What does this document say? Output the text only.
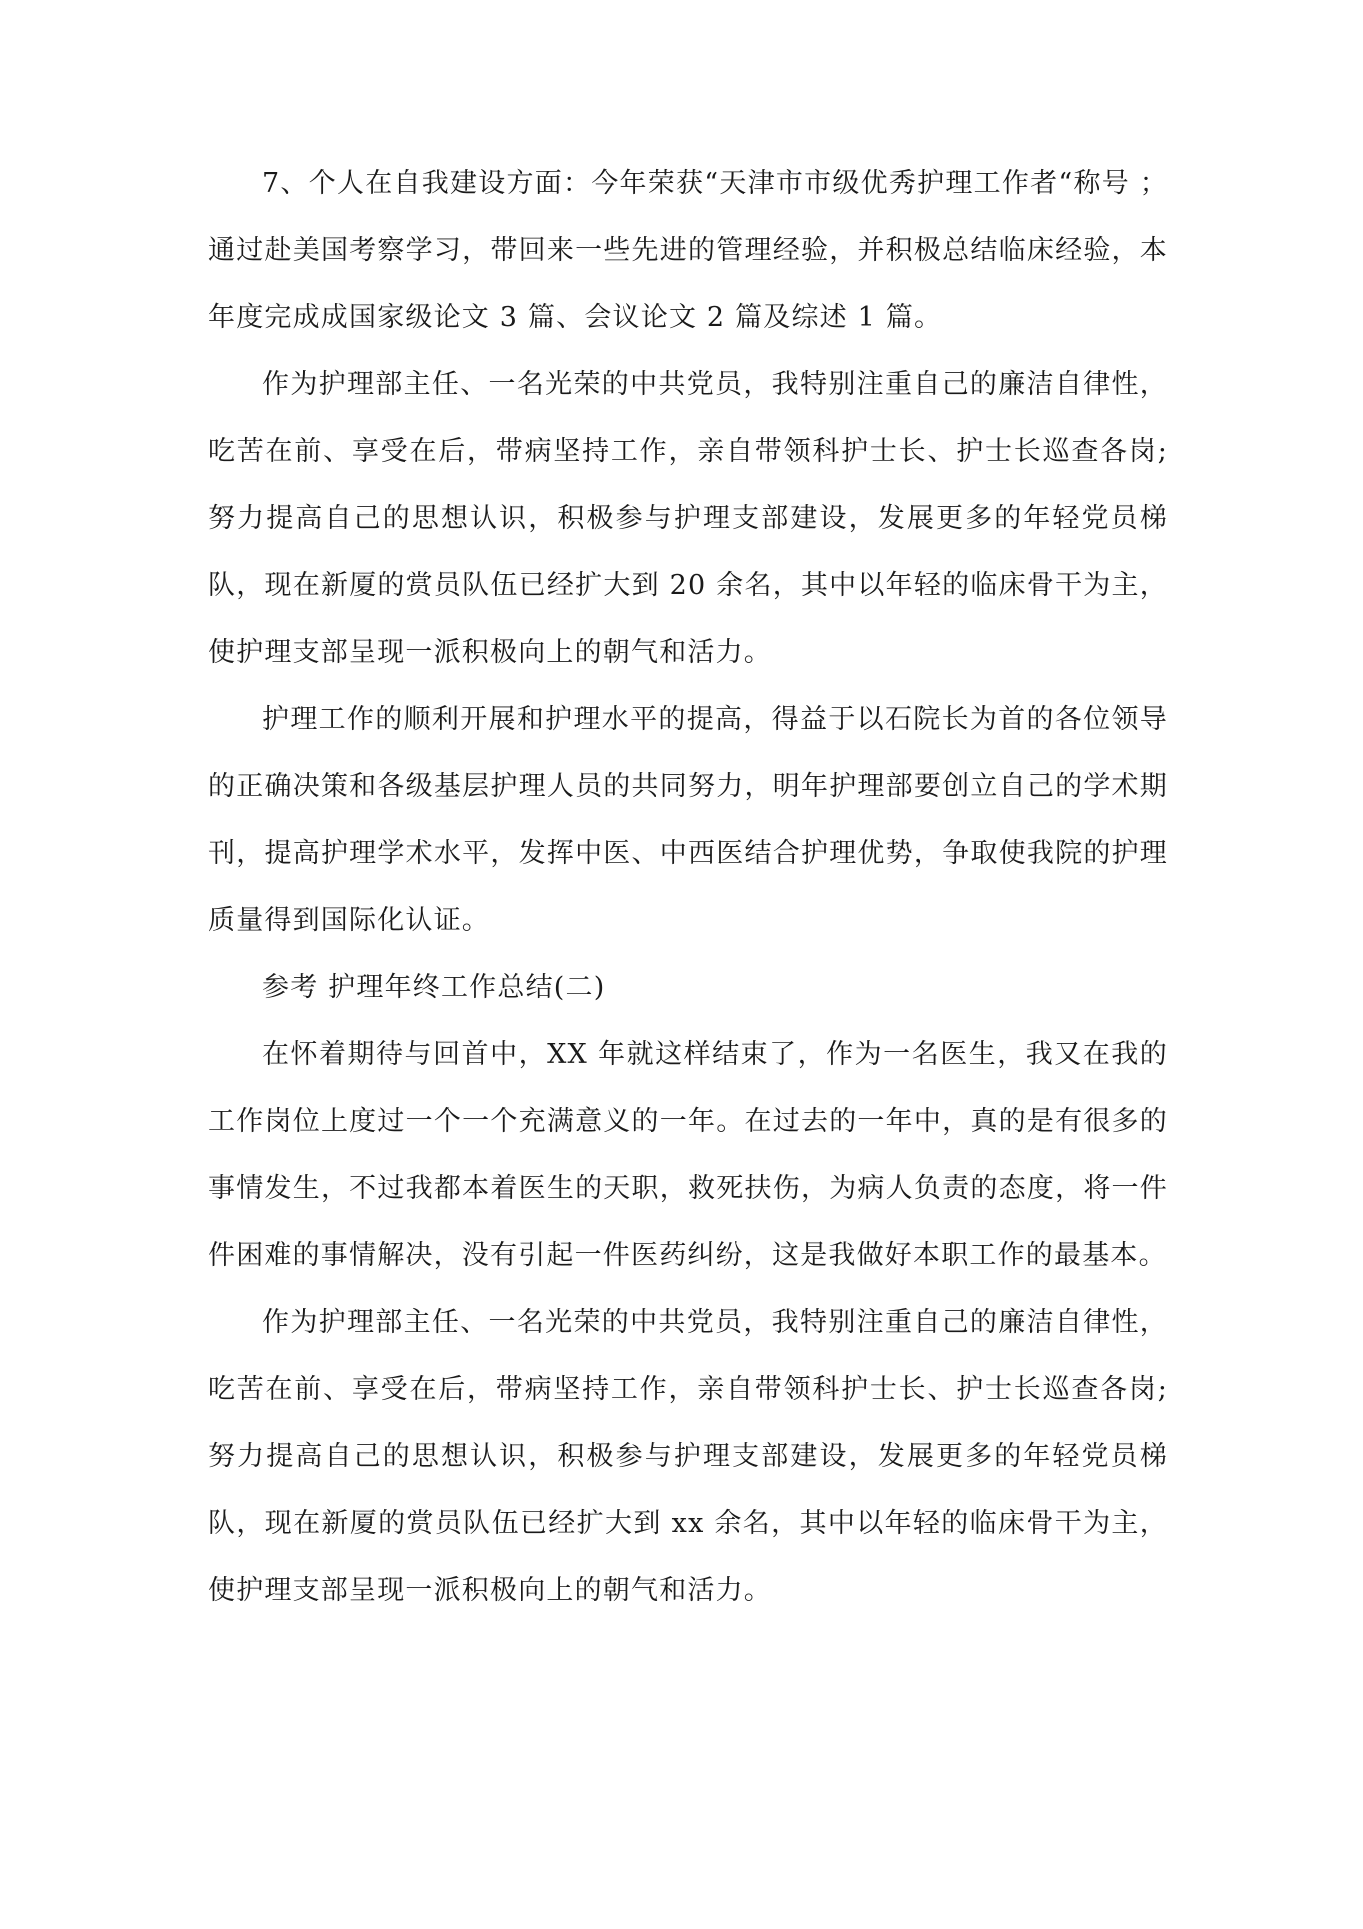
7、个人在自我建设方面：今年荣获“天津市市级优秀护理工作者“称号 ；通过赴美国考察学习，带回来一些先进的管理经验，并积极总结临床经验，本年度完成成国家级论文 3 篇、会议论文 2 篇及综述 1 篇。

作为护理部主任、一名光荣的中共党员，我特别注重自己的廉洁自律性，吃苦在前、享受在后，带病坚持工作，亲自带领科护士长、护士长巡查各岗;努力提高自己的思想认识，积极参与护理支部建设，发展更多的年轻党员梯队，现在新厦的赏员队伍已经扩大到 20 余名，其中以年轻的临床骨干为主，使护理支部呈现一派积极向上的朝气和活力。

护理工作的顺利开展和护理水平的提高，得益于以石院长为首的各位领导的正确决策和各级基层护理人员的共同努力，明年护理部要创立自己的学术期刊，提高护理学术水平，发挥中医、中西医结合护理优势，争取使我院的护理质量得到国际化认证。

参考 护理年终工作总结(二)

在怀着期待与回首中，XX 年就这样结束了，作为一名医生，我又在我的工作岗位上度过一个一个充满意义的一年。在过去的一年中，真的是有很多的事情发生，不过我都本着医生的天职，救死扶伤，为病人负责的态度，将一件件困难的事情解决，没有引起一件医药纠纷，这是我做好本职工作的最基本。

作为护理部主任、一名光荣的中共党员，我特别注重自己的廉洁自律性，吃苦在前、享受在后，带病坚持工作，亲自带领科护士长、护士长巡查各岗;努力提高自己的思想认识，积极参与护理支部建设，发展更多的年轻党员梯队，现在新厦的赏员队伍已经扩大到 xx 余名，其中以年轻的临床骨干为主，使护理支部呈现一派积极向上的朝气和活力。
